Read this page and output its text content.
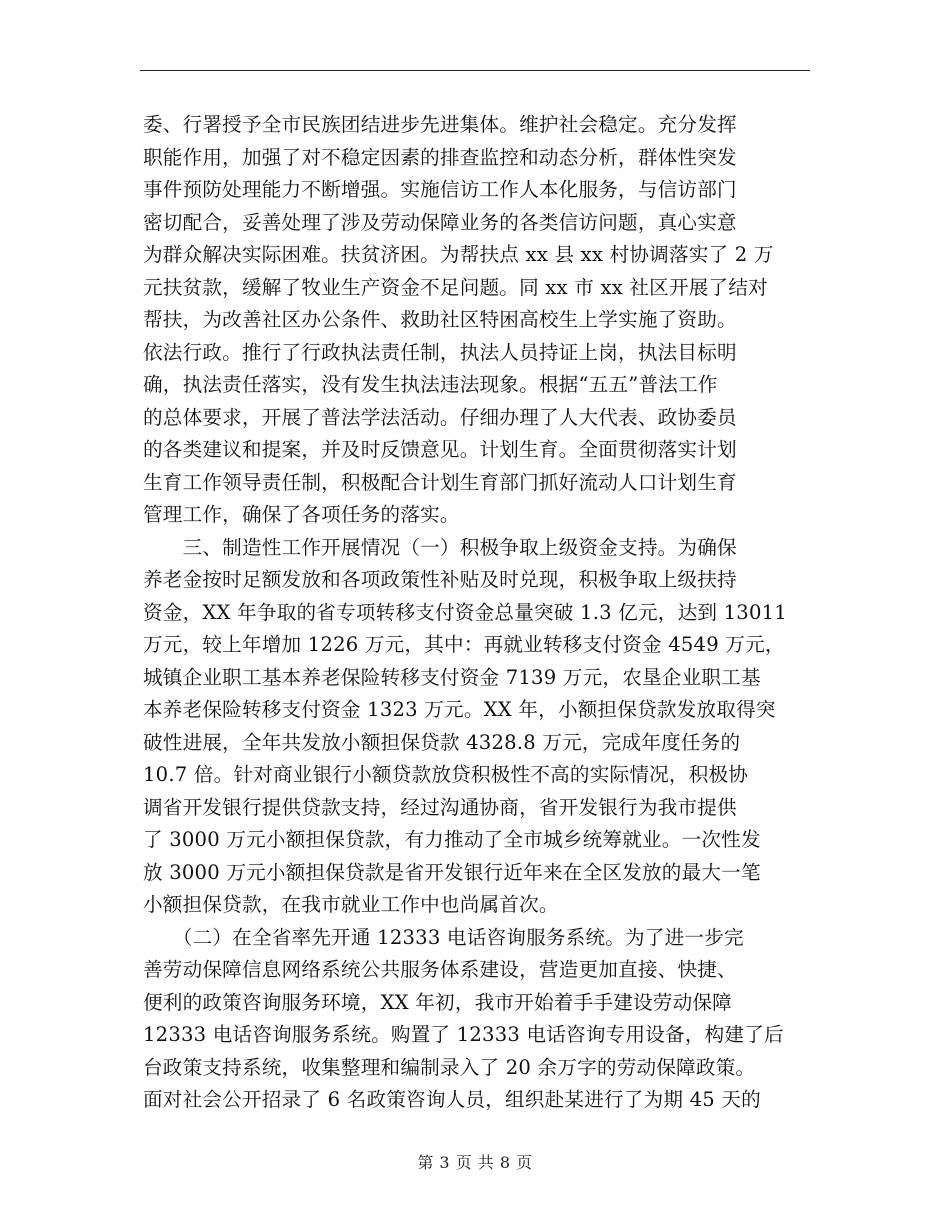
委、行署授予全市民族团结进步先进集体。维护社会稳定。充分发挥
职能作用，加强了对不稳定因素的排查监控和动态分析，群体性突发
事件预防处理能力不断增强。实施信访工作人本化服务，与信访部门
密切配合，妥善处理了涉及劳动保障业务的各类信访问题，真心实意
为群众解决实际困难。扶贫济困。为帮扶点 xx 县 xx 村协调落实了 2 万
元扶贫款，缓解了牧业生产资金不足问题。同 xx 市 xx 社区开展了结对
帮扶，为改善社区办公条件、救助社区特困高校生上学实施了资助。
依法行政。推行了行政执法责任制，执法人员持证上岗，执法目标明
确，执法责任落实，没有发生执法违法现象。根据“五五”普法工作
的总体要求，开展了普法学法活动。仔细办理了人大代表、政协委员
的各类建议和提案，并及时反馈意见。计划生育。全面贯彻落实计划
生育工作领导责任制，积极配合计划生育部门抓好流动人口计划生育
管理工作，确保了各项任务的落实。
　　三、制造性工作开展情况（一）积极争取上级资金支持。为确保
养老金按时足额发放和各项政策性补贴及时兑现，积极争取上级扶持
资金，XX 年争取的省专项转移支付资金总量突破 1.3 亿元，达到 13011
万元，较上年增加 1226 万元，其中：再就业转移支付资金 4549 万元，
城镇企业职工基本养老保险转移支付资金 7139 万元，农垦企业职工基
本养老保险转移支付资金 1323 万元。XX 年，小额担保贷款发放取得突
破性进展，全年共发放小额担保贷款 4328.8 万元，完成年度任务的
10.7 倍。针对商业银行小额贷款放贷积极性不高的实际情况，积极协
调省开发银行提供贷款支持，经过沟通协商，省开发银行为我市提供
了 3000 万元小额担保贷款，有力推动了全市城乡统筹就业。一次性发
放 3000 万元小额担保贷款是省开发银行近年来在全区发放的最大一笔
小额担保贷款，在我市就业工作中也尚属首次。
　　（二）在全省率先开通 12333 电话咨询服务系统。为了进一步完
善劳动保障信息网络系统公共服务体系建设，营造更加直接、快捷、
便利的政策咨询服务环境，XX 年初，我市开始着手手建设劳动保障
12333 电话咨询服务系统。购置了 12333 电话咨询专用设备，构建了后
台政策支持系统，收集整理和编制录入了 20 余万字的劳动保障政策。
面对社会公开招录了 6 名政策咨询人员，组织赴某进行了为期 45 天的
第 3 页 共 8 页
